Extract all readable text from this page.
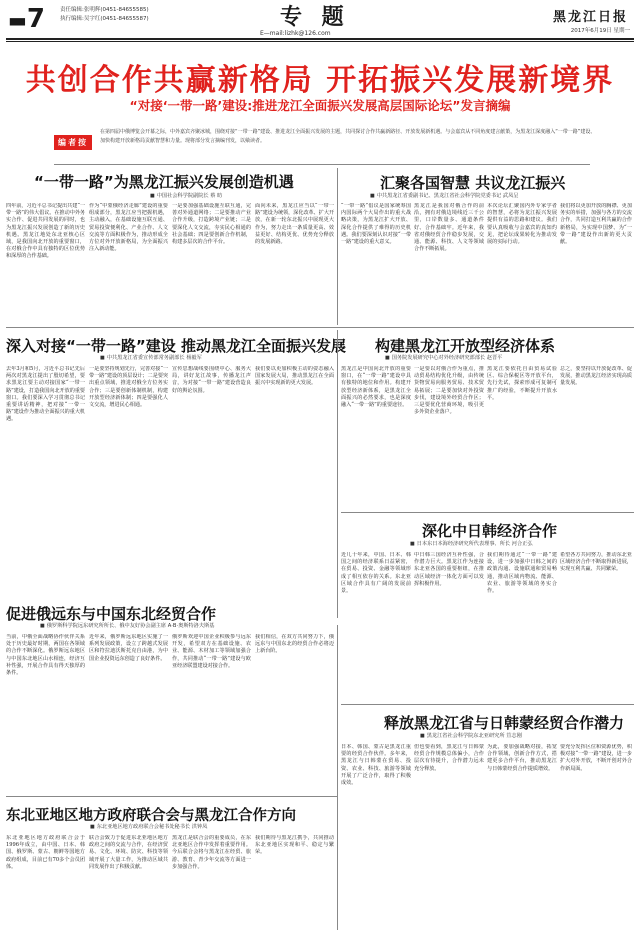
▬7	责任编辑:张明辉(0451-84655585)
执行编辑:吴宇红(0451-84655587)	专 题
E—mail:lizhk@126.com
黑龙江日报
2017年6月19日 星期一
共创合作共赢新格局 开拓振兴发展新境界
“对接‘一带一路’建设:推进龙江全面振兴发展高层国际论坛”发言摘编
编者按
在第四届中俄博览会开幕之际，中外嘉宾齐聚冰城，围绕对接“一带一路”建设、推进龙江全面振兴发展的主题，共同探讨合作共赢新路径、开放发展新机遇。与会嘉宾从不同角度建言献策，为黑龙江深度融入“一带一路”建设、加快构建开放新格局贡献智慧和力量。现将部分发言摘编刊发，以飨读者。
“一带一路”为黑龙江振兴发展创造机遇
■ 中国社会科学院副院长 蔡 昉
四年前，习近平总书记提出共建“一带一路”的伟大倡议。在推动中外务实合作、促进共同发展的同时，也为黑龙江振兴发展创造了新的历史机遇。黑龙江地处东北亚核心区域，是我国向北开放的重要窗口，在对俄合作中具有独特的区位优势和深厚的合作基础。
作为“中蒙俄经济走廊”建设的重要组成部分，黑龙江应当把握机遇，主动融入，在基础设施互联互通、贸易投资便利化、产业合作、人文交流等方面积极作为，推动形成全方位对外开放新格局，为全面振兴注入新动能。
一是要加强基础设施互联互通，完善对外通道网络；二是要推动产业合作升级，打造跨境产业链；三是要深化人文交流，夯实民心相通的社会基础；四是要创新合作机制，构建多层次的合作平台。
面向未来，黑龙江应当以“一带一路”建设为统领，深化改革、扩大开放，在新一轮东北振兴中展现更大作为，努力走出一条质量更高、效益更好、结构更优、优势充分释放的发展新路。
汇聚各国智慧 共议龙江振兴
■ 中共黑龙江省委副书记、黑龙江省社会科学院党委书记 武凤呈
“一带一路”倡议是国家统筹国内国际两个大局作出的重大战略决策，为黑龙江扩大开放、深化合作提供了难得的历史机遇。我们要深刻认识对接“一带一路”建设的重大意义。
黑龙江是我国对俄合作的前沿，拥有对俄边境线近三千公里，口岸数量多、通道条件好、合作基础牢。近年来，我省对俄经贸合作稳步发展，交通、能源、科技、人文等领域合作不断拓展。
本次论坛汇聚国内外专家学者的智慧，必将为龙江振兴发展提供有益的思路和建议。我们要认真吸收与会嘉宾的真知灼见，把论坛成果转化为推动发展的实际行动。
我们将以更加开放的胸襟、更加务实的举措，加强与各方的交流合作，共同打造互利共赢的合作新格局，为实现中国梦、为“一带一路”建设作出新的更大贡献。
深入对接“一带一路”建设 推动黑龙江全面振兴发展
■ 中共黑龙江省委宣传部常务副部长 杨毅军
去年3月和5月，习近平总书记先后两次对黑龙江提出了殷切希望，要求黑龙江要主动对接国家“一带一路”建设，打造我国向北开放的重要窗口。我们要深入学习贯彻总书记重要讲话精神，把对接“一带一路”建设作为推动全面振兴的重大机遇。
一是要坚持规划先行，完善对接“一带一路”建设的顶层设计；二是要突出重点领域，推进对俄全方位务实合作；三是要创新体制机制，构建开放型经济新体制；四是要强化人文交流，增进民心相通。
宣传思想战线要围绕中心、服务大局，讲好龙江故事，传播龙江声音，为对接“一带一路”建设营造良好的舆论氛围。
我们要以更加积极主动的姿态融入国家发展大局，推动黑龙江在全面振兴中实现新的更大发展。
构建黑龙江开放型经济体系
■ 国务院发展研究中心对外经济研究部部长 赵晋平
黑龙江是中国向北开放的重要窗口，在“一带一路”建设中具有独特的地位和作用。构建开放型经济新体系，是黑龙江全面振兴的必然要求，也是深度融入“一带一路”的重要途径。
一是要以对俄合作为重点，推动贸易结构优化升级，由传统货物贸易向服务贸易、技术贸易拓展；二是要加快对外投资步伐，建设境外经贸合作区；三是要优化营商环境，吸引更多外资企业落户。
黑龙江要依托自由贸易试验区、综合保税区等开放平台，先行先试，探索形成可复制可推广的经验，不断提升开放水平。
总之，要坚持以开放促改革、促发展，推动黑龙江经济实现高质量发展。
深化中日韩经济合作
■ 日本东日本海经济研究所代表理事、所长 河合正弘
近几十年来，中国、日本、韩国之间的经济联系日益紧密，在贸易、投资、金融等领域形成了相互依存的关系。东北亚区域合作具有广阔的发展前景。
中日韩三国经济互补性强，合作潜力巨大。黑龙江作为连接东北亚各国的重要枢纽，在推动区域经济一体化方面可以发挥积极作用。
我们期待通过“一带一路”建设，进一步加强中日韩之间的政策沟通、设施联通和贸易畅通，推动区域内物流、能源、农业、旅游等领域的务实合作。
希望各方共同努力，推动东北亚区域经济合作不断取得新进展，实现互利共赢、共同繁荣。
促进俄远东与中国东北经贸合作
■ 俄罗斯科学院远东研究所所长、俄中友好协会副主席 A·B·奥斯特洛夫斯基
当前，中俄全面战略协作伙伴关系处于历史最好时期，两国在各领域的合作不断深化。俄罗斯远东地区与中国东北地区山水相连，经济互补性强，开展合作具有得天独厚的条件。
近年来，俄罗斯远东地区实施了一系列发展政策，设立了跨越式发展区和符拉迪沃斯托克自由港，为中国企业投资远东创造了良好条件。
俄罗斯欢迎中国企业积极参与远东开发，希望双方在基础设施、农业、能源、木材加工等领域加强合作，共同推动“一带一路”建设与欧亚经济联盟建设对接合作。
我们相信，在双方共同努力下，俄远东与中国东北的经贸合作必将迈上新台阶。
东北亚地区地方政府联合会与黑龙江合作方向
■ 东北亚地区地方政府联合会秘书处秘书长 洪钟凤
东北亚地区地方政府联合会于1996年成立，由中国、日本、韩国、俄罗斯、蒙古、朝鲜等国地方政府组成，目前已有70多个会员团体。
联合会致力于促进东北亚地区地方政府之间的交流与合作，在经济贸易、文化、环境、防灾、科技等领域开展了大量工作，为推动区域共同发展作出了积极贡献。
黑龙江是联合会的重要成员，在东北亚地区合作中发挥着重要作用。今后联合会将与黑龙江在经贸、旅游、教育、青少年交流等方面进一步加强合作。
我们期待与黑龙江携手，共同推动东北亚地区实现和平、稳定与繁荣。
释放黑龙江省与日韩蒙经贸合作潜力
■ 黑龙江省社会科学院东北亚研究所 笪志刚
日本、韩国、蒙古是黑龙江重要的经贸合作伙伴。多年来，黑龙江与日韩蒙在贸易、投资、农业、科技、旅游等领域开展了广泛合作，取得了积极成效。
但也要看到，黑龙江与日韩蒙经贸合作规模总体偏小，合作层次有待提升，合作潜力远未充分释放。
为此，要加强战略对接，拓宽合作领域，创新合作方式，搭建更多合作平台，推动黑龙江与日韩蒙经贸合作提质增效。
要充分发挥区位和资源优势，积极对接“一带一路”建设，进一步扩大对外开放，不断开创对外合作新局面。
